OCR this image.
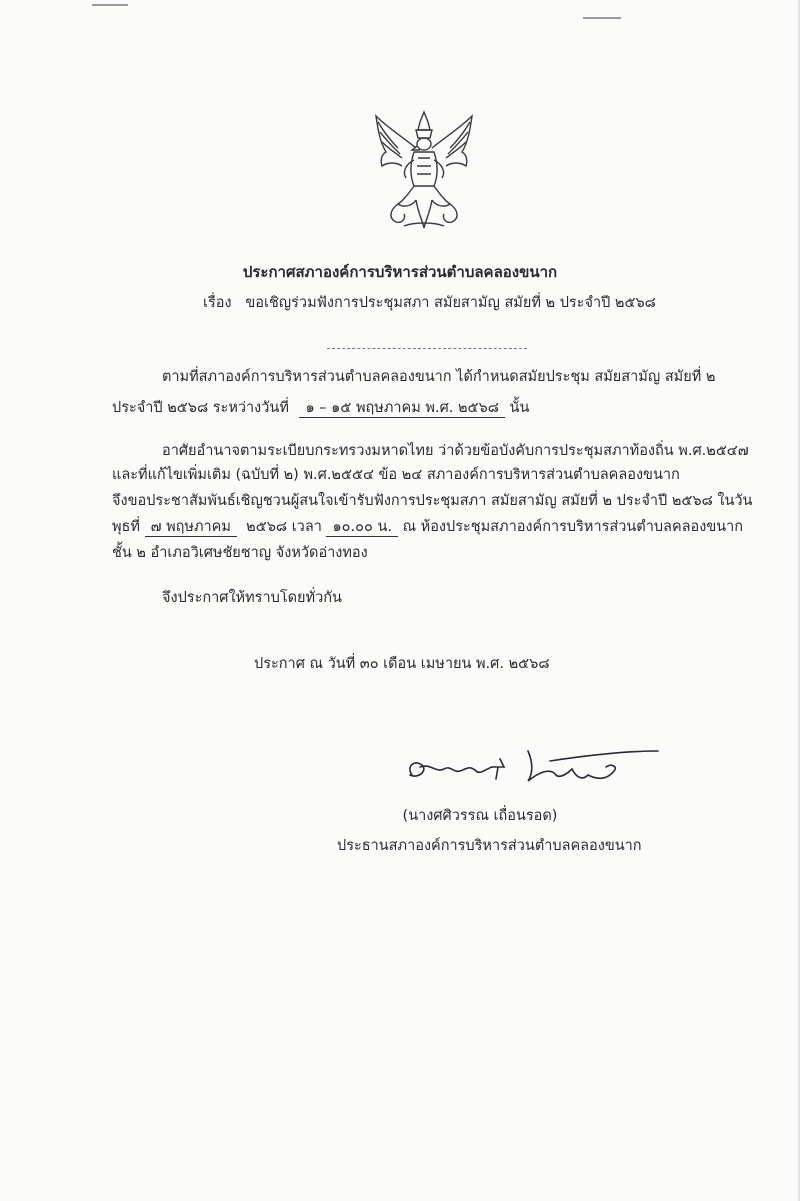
ประกาศสภาองค์การบริหารส่วนตำบลคลองขนาก
เรื่อง ขอเชิญร่วมฟังการประชุมสภา สมัยสามัญ สมัยที่ ๒ ประจำปี ๒๕๖๘
ตามที่สภาองค์การบริหารส่วนตำบลคลองขนาก ได้กำหนดสมัยประชุม สมัยสามัญ สมัยที่ ๒
ประจำปี ๒๕๖๘ ระหว่างวันที่ ๑ – ๑๕ พฤษภาคม พ.ศ. ๒๕๖๘ นั้น
อาศัยอำนาจตามระเบียบกระทรวงมหาดไทย ว่าด้วยข้อบังคับการประชุมสภาท้องถิ่น พ.ศ.๒๕๔๗
และที่แก้ไขเพิ่มเติม (ฉบับที่ ๒) พ.ศ.๒๕๕๔ ข้อ ๒๔ สภาองค์การบริหารส่วนตำบลคลองขนาก
จึงขอประชาสัมพันธ์เชิญชวนผู้สนใจเข้ารับฟังการประชุมสภา สมัยสามัญ สมัยที่ ๒ ประจำปี ๒๕๖๘ ในวัน
พุธที่ ๗ พฤษภาคม ๒๕๖๘ เวลา ๑๐.๐๐ น. ณ ห้องประชุมสภาองค์การบริหารส่วนตำบลคลองขนาก
ชั้น ๒ อำเภอวิเศษชัยชาญ จังหวัดอ่างทอง
จึงประกาศให้ทราบโดยทั่วกัน
ประกาศ ณ วันที่ ๓๐ เดือน เมษายน พ.ศ. ๒๕๖๘
(นางศศิวรรณ เถื่อนรอด)
ประธานสภาองค์การบริหารส่วนตำบลคลองขนาก
